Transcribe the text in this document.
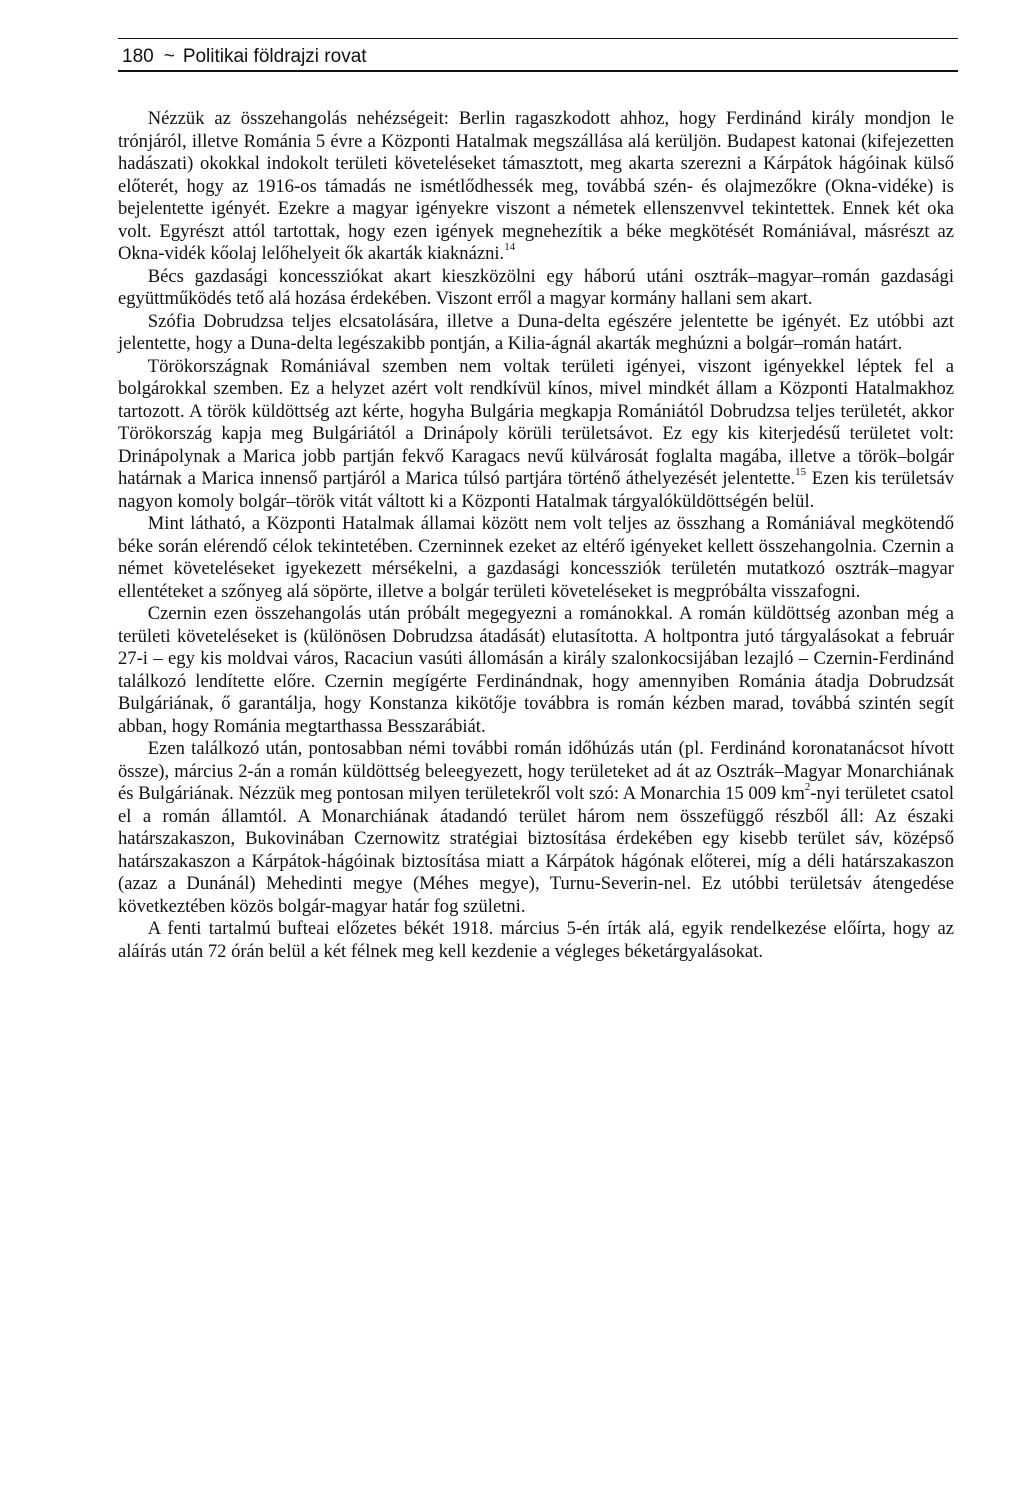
180 ~ Politikai földrajzi rovat

Nézzük az összehangolás nehézségeit: Berlin ragaszkodott ahhoz, hogy Ferdinánd király mondjon le trónjáról, illetve Románia 5 évre a Központi Hatalmak megszállása alá kerüljön. Budapest katonai (kifejezetten hadászati) okokkal indokolt területi követeléseket támasztott, meg akarta szerezni a Kárpátok hágóinak külső előterét, hogy az 1916-os támadás ne ismétlődhessék meg, továbbá szén- és olajmezőkre (Okna-vidéke) is bejelentette igényét. Ezekre a magyar igényekre viszont a németek ellenszenvvel tekintettek. Ennek két oka volt. Egyrészt attól tartottak, hogy ezen igények megnehezítik a béke megkötését Romániával, másrészt az Okna-vidék kőolaj lelőhelyeit ők akarták kiaknázni.$^{14}$

Bécs gazdasági koncessziókat akart kieszközölni egy háború utáni osztrák–magyar–román gazdasági együttműködés tető alá hozása érdekében. Viszont erről a magyar kormány hallani sem akart.

Szófia Dobrudzsa teljes elcsatolására, illetve a Duna-delta egészére jelentette be igényét. Ez utóbbi azt jelentette, hogy a Duna-delta legészakibb pontján, a Kilia-ágnál akarták meghúzni a bolgár–román határt.

Törökországnak Romániával szemben nem voltak területi igényei, viszont igényekkel léptek fel a bolgárokkal szemben. Ez a helyzet azért volt rendkívül kínos, mivel mindkét állam a Központi Hatalmakhoz tartozott. A török küldöttség azt kérte, hogyha Bulgária megkapja Romániától Dobrudzsa teljes területét, akkor Törökország kapja meg Bulgáriától a Drinápoly körüli területsávot. Ez egy kis kiterjedésű területet volt: Drinápolynak a Marica jobb partján fekvő Karagacs nevű külvárosát foglalta magába, illetve a török–bolgár határnak a Marica innenső partjáról a Marica túlsó partjára történő áthelyezését jelentette.$^{15}$ Ezen kis területsáv nagyon komoly bolgár–török vitát váltott ki a Központi Hatalmak tárgyalóküldöttségén belül.

Mint látható, a Központi Hatalmak államai között nem volt teljes az összhang a Romániával megkötendő béke során elérendő célok tekintetében. Czerninnek ezeket az eltérő igényeket kellett összehangolnia. Czernin a német követeléseket igyekezett mérsékelni, a gazdasági koncessziók területén mutatkozó osztrák–magyar ellentéteket a szőnyeg alá söpörte, illetve a bolgár területi követeléseket is megpróbálta visszafogni.

Czernin ezen összehangolás után próbált megegyezni a románokkal. A román küldöttség azonban még a területi követeléseket is (különösen Dobrudzsa átadását) elutasította. A holtpontra jutó tárgyalásokat a február 27-i – egy kis moldvai város, Racaciun vasúti állomásán a király szalonkocsijában lezajló – Czernin-Ferdinánd találkozó lendítette előre. Czernin megígérte Ferdinándnak, hogy amennyiben Románia átadja Dobrudzsát Bulgáriának, ő garantálja, hogy Konstanza kikötője továbbra is román kézben marad, továbbá szintén segít abban, hogy Románia megtarthassa Besszarábiát.

Ezen találkozó után, pontosabban némi további román időhúzás után (pl. Ferdinánd koronatanácsot hívott össze), március 2-án a román küldöttség beleegyezett, hogy területeket ad át az Osztrák–Magyar Monarchiának és Bulgáriának. Nézzük meg pontosan milyen területekről volt szó: A Monarchia 15 009 $km^2$-nyi területet csatol el a román államtól. A Monarchiának átadandó terület három nem összefüggő részből áll: Az északi határszakaszon, Bukovinában Czernowitz stratégiai biztosítása érdekében egy kisebb terület sáv, középső határszakaszon a Kárpátok-hágóinak biztosítása miatt a Kárpátok hágónak előterei, míg a déli határszakaszon (azaz a Dunánál) Mehedinti megye (Méhes megye), Turnu-Severin-nel. Ez utóbbi területsáv átengedése következtében közös bolgár-magyar határ fog születni.

A fenti tartalmú bufteai előzetes békét 1918. március 5-én írták alá, egyik rendelkezése előírta, hogy az aláírás után 72 órán belül a két félnek meg kell kezdenie a végleges béketárgyalásokat.
